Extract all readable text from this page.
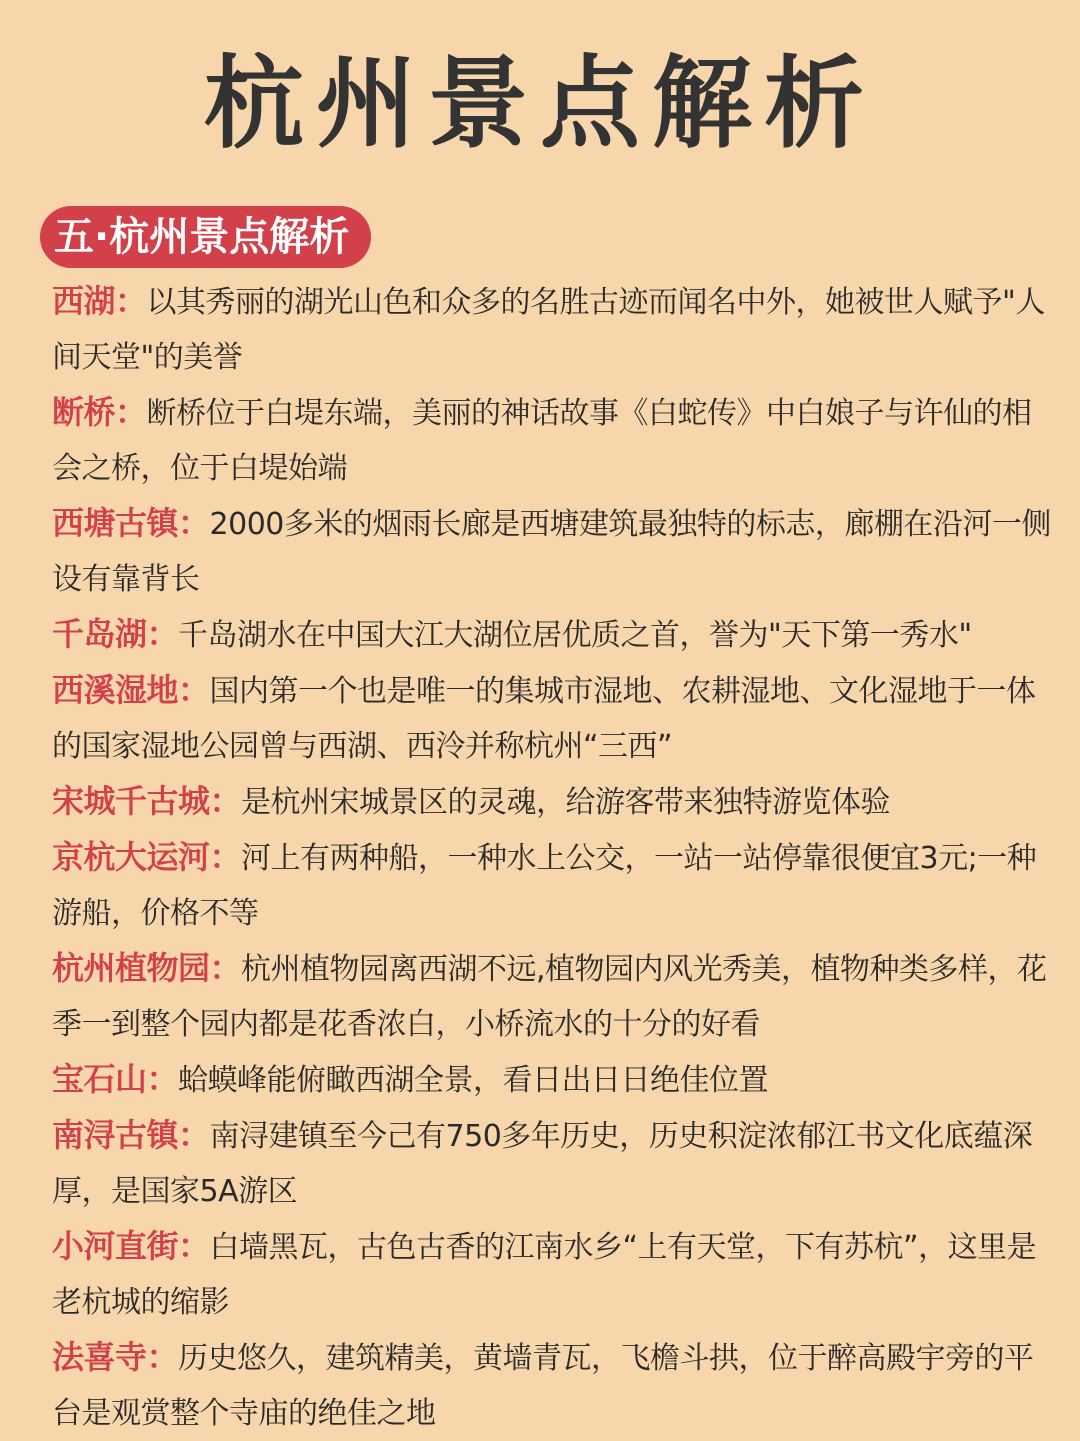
杭州景点解析
五·杭州景点解析
西湖：以其秀丽的湖光山色和众多的名胜古迹而闻名中外，她被世人赋予"人间天堂"的美誉
断桥：断桥位于白堤东端，美丽的神话故事《白蛇传》中白娘子与许仙的相会之桥，位于白堤始端
西塘古镇：2000多米的烟雨长廊是西塘建筑最独特的标志，廊棚在沿河一侧设有靠背长
千岛湖：千岛湖水在中国大江大湖位居优质之首，誉为"天下第一秀水"
西溪湿地：国内第一个也是唯一的集城市湿地、农耕湿地、文化湿地于一体的国家湿地公园曾与西湖、西泠并称杭州“三西”
宋城千古城：是杭州宋城景区的灵魂，给游客带来独特游览体验
京杭大运河：河上有两种船，一种水上公交，一站一站停靠很便宜3元;一种游船，价格不等
杭州植物园：杭州植物园离西湖不远,植物园内风光秀美，植物种类多样，花季一到整个园内都是花香浓白，小桥流水的十分的好看
宝石山：蛤蟆峰能俯瞰西湖全景，看日出日日绝佳位置
南浔古镇：南浔建镇至今己有750多年历史，历史积淀浓郁江书文化底蕴深厚，是国家5A游区
小河直街：白墙黑瓦，古色古香的江南水乡“上有天堂，下有苏杭”，这里是老杭城的缩影
法喜寺：历史悠久，建筑精美，黄墙青瓦，飞檐斗拱，位于醉高殿宇旁的平台是观赏整个寺庙的绝佳之地
